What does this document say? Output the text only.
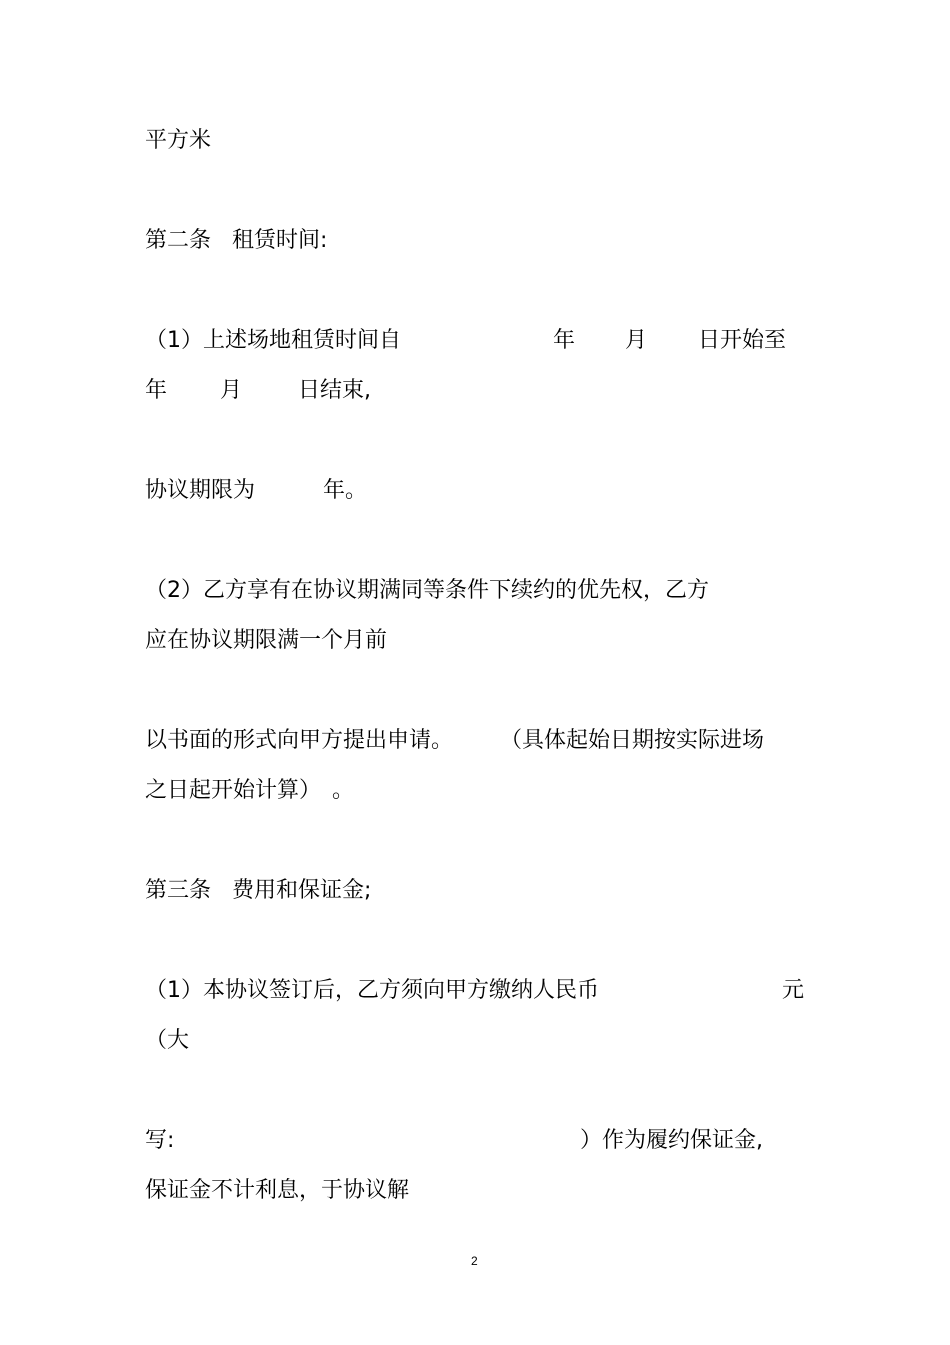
平方米

第二条   租赁时间:

（1）上述场地租赁时间自	年 月 日开始至

年 月	日结束,

协议期限为	年。

（2）乙方享有在协议期满同等条件下续约的优先权，乙方

应在协议期限满一个月前

以书面的形式向甲方提出申请。 （具体起始日期按实际进场

之日起开始计算） 。

第三条   费用和保证金;

（1）本协议签订后，乙方须向甲方缴纳人民币	元

（大

写:	）作为履约保证金,

保证金不计利息，于协议解

2
